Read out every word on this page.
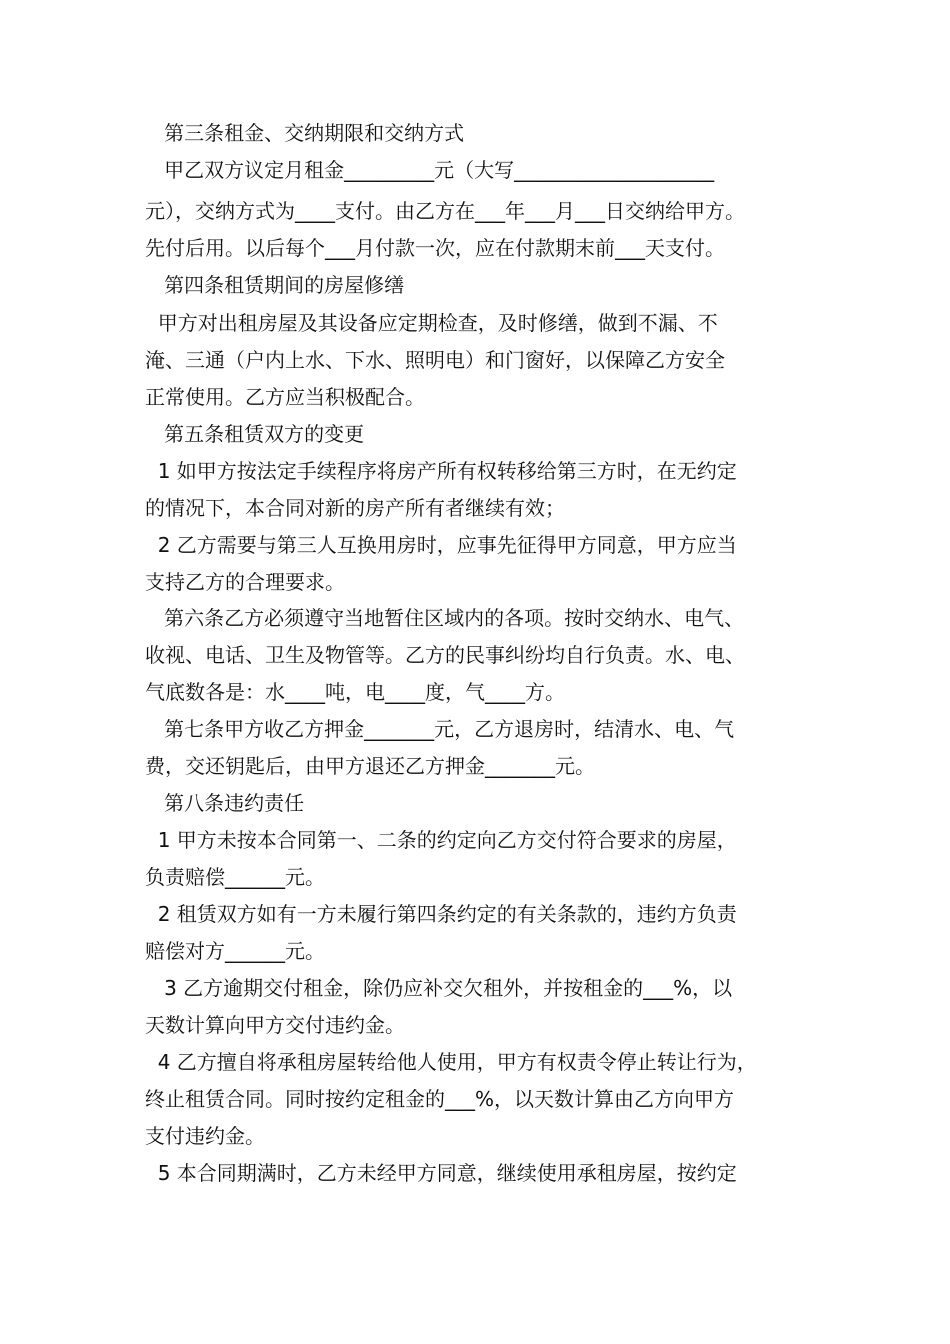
第三条租金、交纳期限和交纳方式
甲乙双方议定月租金_________元（大写____________________
元），交纳方式为____支付。由乙方在___年___月___日交纳给甲方。
先付后用。以后每个___月付款一次，应在付款期末前___天支付。
第四条租赁期间的房屋修缮
甲方对出租房屋及其设备应定期检查，及时修缮，做到不漏、不
淹、三通（户内上水、下水、照明电）和门窗好，以保障乙方安全
正常使用。乙方应当积极配合。
第五条租赁双方的变更
1 如甲方按法定手续程序将房产所有权转移给第三方时，在无约定
的情况下，本合同对新的房产所有者继续有效；
2 乙方需要与第三人互换用房时，应事先征得甲方同意，甲方应当
支持乙方的合理要求。
第六条乙方必须遵守当地暂住区域内的各项。按时交纳水、电气、
收视、电话、卫生及物管等。乙方的民事纠纷均自行负责。水、电、
气底数各是：水____吨，电____度，气____方。
第七条甲方收乙方押金_______元，乙方退房时，结清水、电、气
费，交还钥匙后，由甲方退还乙方押金_______元。
第八条违约责任
1 甲方未按本合同第一、二条的约定向乙方交付符合要求的房屋，
负责赔偿______元。
2 租赁双方如有一方未履行第四条约定的有关条款的，违约方负责
赔偿对方______元。
3 乙方逾期交付租金，除仍应补交欠租外，并按租金的___%，以
天数计算向甲方交付违约金。
4 乙方擅自将承租房屋转给他人使用，甲方有权责令停止转让行为，
终止租赁合同。同时按约定租金的___%，以天数计算由乙方向甲方
支付违约金。
5 本合同期满时，乙方未经甲方同意，继续使用承租房屋，按约定
